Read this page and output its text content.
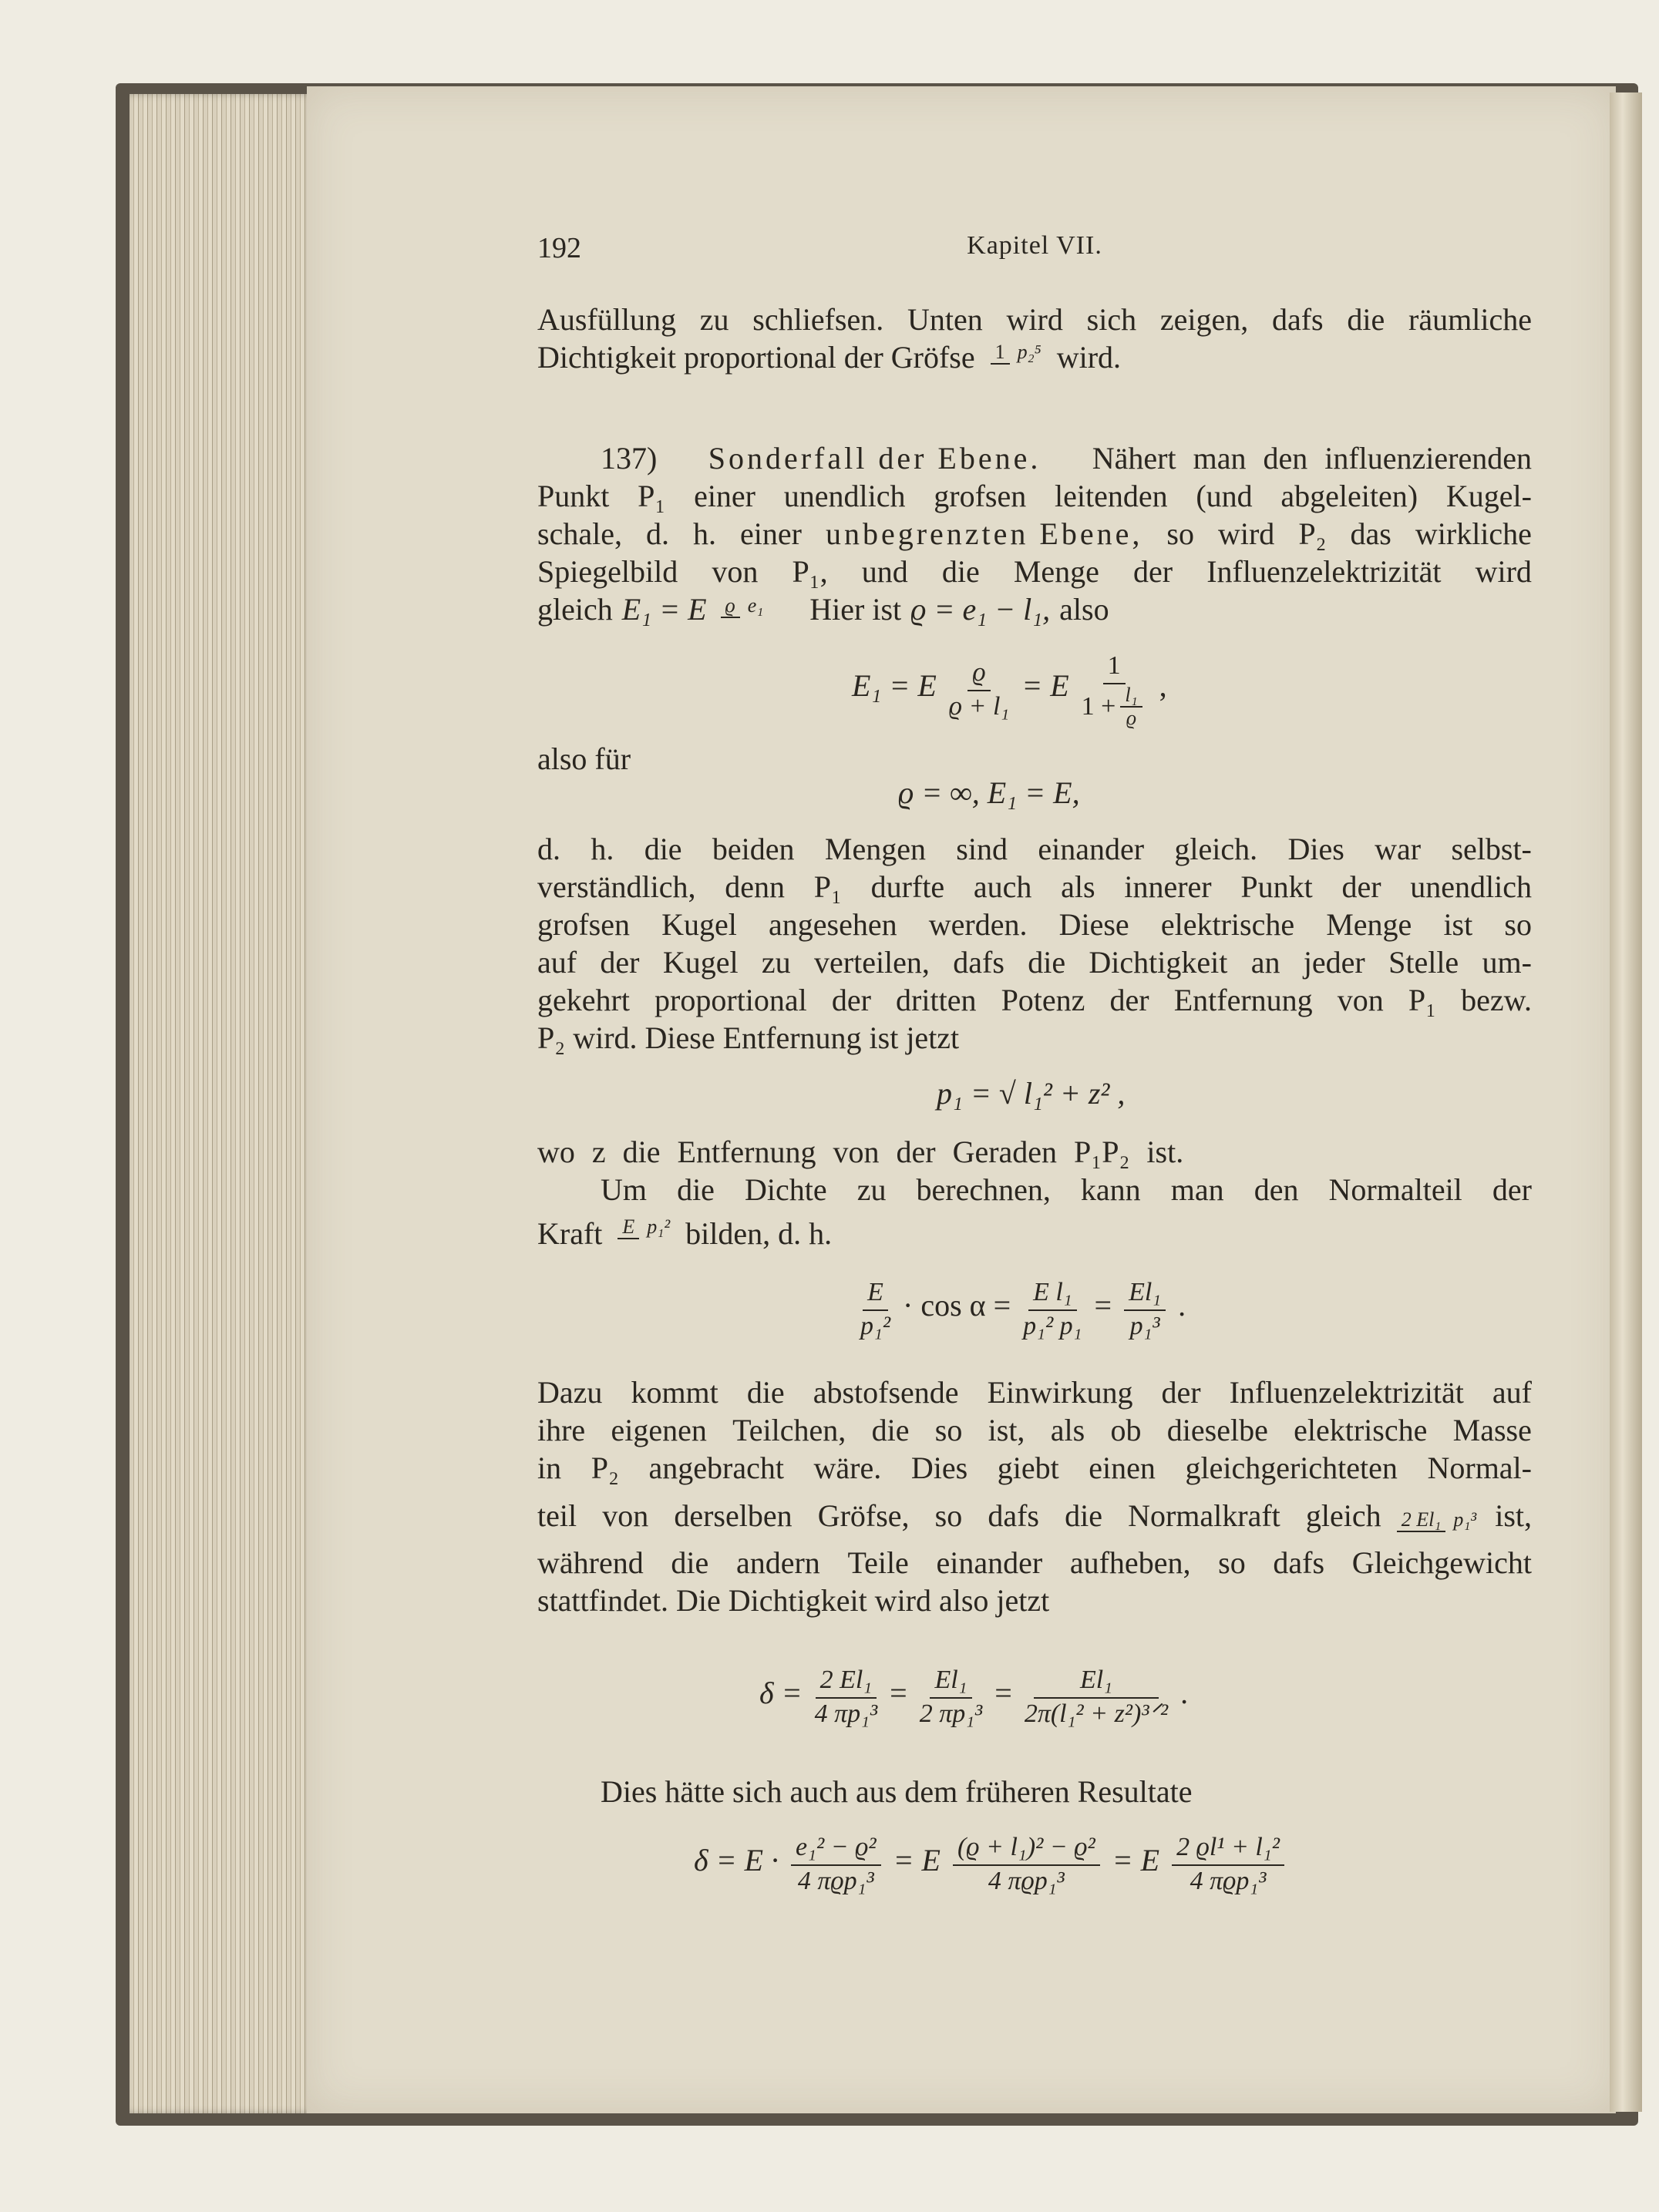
192	Kapitel VII.
Ausfüllung zu schliefsen. Unten wird sich zeigen, dafs die räumliche
Dichtigkeit proportional der Gröfse 1 p₂⁵ wird.
137) Sonderfall der Ebene. Nähert man den influenzierenden
Punkt P₁ einer unendlich grofsen leitenden (und abgeleiten) Kugel-
schale, d. h. einer unbegrenzten Ebene, so wird P₂ das wirkliche
Spiegelbild von P₁, und die Menge der Influenzelektrizität wird
gleich E₁ = E ϱ e₁ Hier ist ϱ = e₁ − l₁, also
E₁ = E $\frac{ϱ}{\text{ϱ + l₁}} = E \frac{1}{1 + \frac{\text{l₁}}{ϱ}}$ ,
also für
ϱ = ∞, E₁ = E,
d. h. die beiden Mengen sind einander gleich. Dies war selbst-
verständlich, denn P₁ durfte auch als innerer Punkt der unendlich
grofsen Kugel angesehen werden. Diese elektrische Menge ist so
auf der Kugel zu verteilen, dafs die Dichtigkeit an jeder Stelle um-
gekehrt proportional der dritten Potenz der Entfernung von P₁ bezw.
P₂ wird. Diese Entfernung ist jetzt
p₁ = √ l₁² + z² ,
wo z die Entfernung von der Geraden P₁P₂ ist.
Um die Dichte zu berechnen, kann man den Normalteil der
Kraft E p₁² bilden, d. h.
$\frac{E}{\text{p₁²}} \cdot \cos \alpha = \frac{\text{E l₁}}{\text{p₁² p₁}} = \frac{\text{El₁}}{\text{p₁³}}$ .
Dazu kommt die abstofsende Einwirkung der Influenzelektrizität auf
ihre eigenen Teilchen, die so ist, als ob dieselbe elektrische Masse
in P₂ angebracht wäre. Dies giebt einen gleichgerichteten Normal-
teil von derselben Gröfse, so dafs die Normalkraft gleich 2 El₁ p₁³ ist,
während die andern Teile einander aufheben, so dafs Gleichgewicht
stattfindet. Die Dichtigkeit wird also jetzt
$\delta = \frac{\text{2 El₁}}{\text{4 πp₁³}} = \frac{\text{El₁}}{\text{2 πp₁³}} = \frac{\text{El₁}}{\text{2π(l₁² + z²)³ᐟ²}}$ .
Dies hätte sich auch aus dem früheren Resultate
$\delta = E \cdot \frac{\text{e₁² − ϱ²}}{\text{4 πϱp₁³}} = E \frac{\text{(ϱ + l₁)² − ϱ²}}{\text{4 πϱp₁³}} = E \frac{\text{2 ϱl¹ + l₁²}}{\text{4 πϱp₁³}}$
